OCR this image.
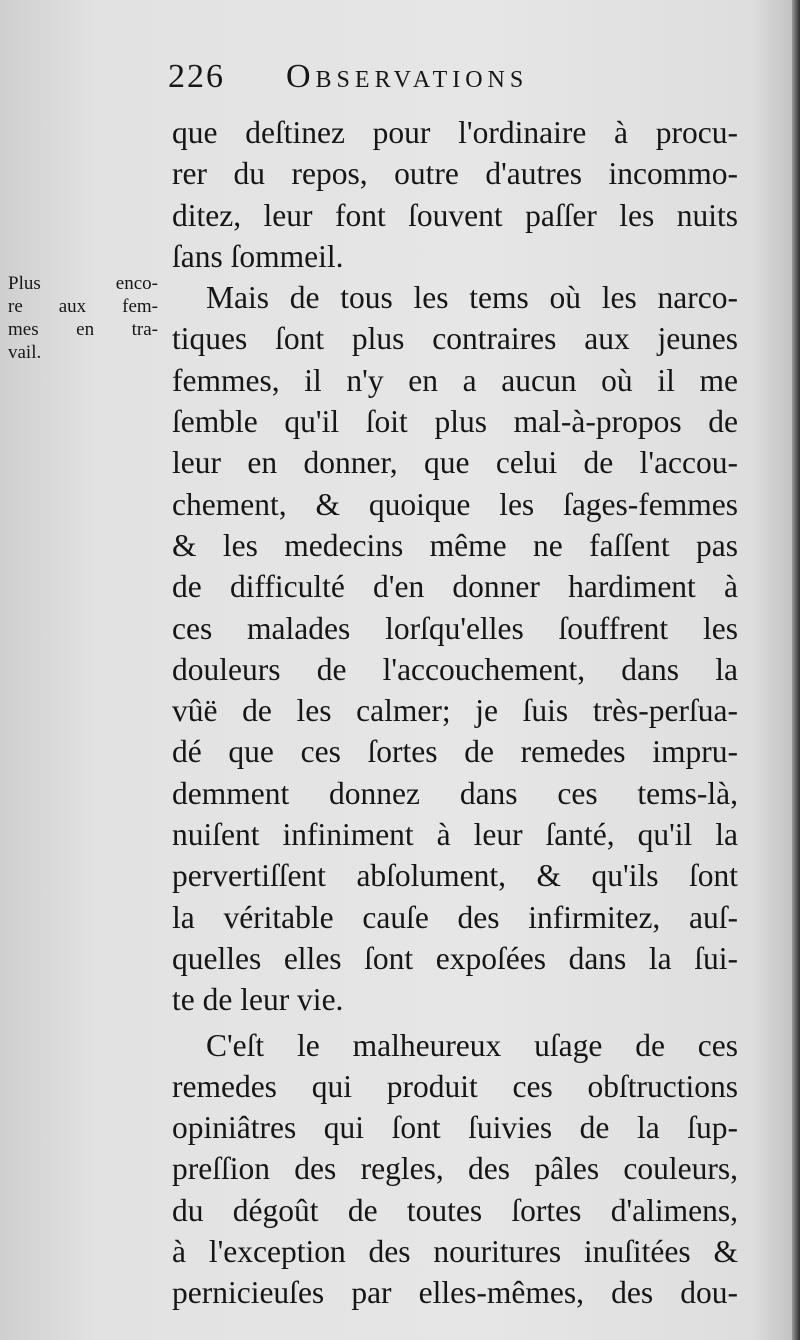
226 Observations
Plus enco-
re aux fem-
mes en tra-
vail.
que deſtinez pour l'ordinaire à procu-
rer du repos, outre d'autres incommo-
ditez, leur font ſouvent paſſer les nuits
ſans ſommeil.
Mais de tous les tems où les narco-
tiques ſont plus contraires aux jeunes
femmes, il n'y en a aucun où il me
ſemble qu'il ſoit plus mal-à-propos de
leur en donner, que celui de l'accou-
chement, & quoique les ſages-femmes
& les medecins même ne faſſent pas
de difficulté d'en donner hardiment à
ces malades lorſqu'elles ſouffrent les
douleurs de l'accouchement, dans la
vûë de les calmer; je ſuis très-perſua-
dé que ces ſortes de remedes impru-
demment donnez dans ces tems-là,
nuiſent infiniment à leur ſanté, qu'il la
pervertiſſent abſolument, & qu'ils ſont
la véritable cauſe des infirmitez, auſ-
quelles elles ſont expoſées dans la ſui-
te de leur vie.
C'eſt le malheureux uſage de ces
remedes qui produit ces obſtructions
opiniâtres qui ſont ſuivies de la ſup-
preſſion des regles, des pâles couleurs,
du dégoût de toutes ſortes d'alimens,
à l'exception des nouritures inuſitées &
pernicieuſes par elles-mêmes, des dou-
